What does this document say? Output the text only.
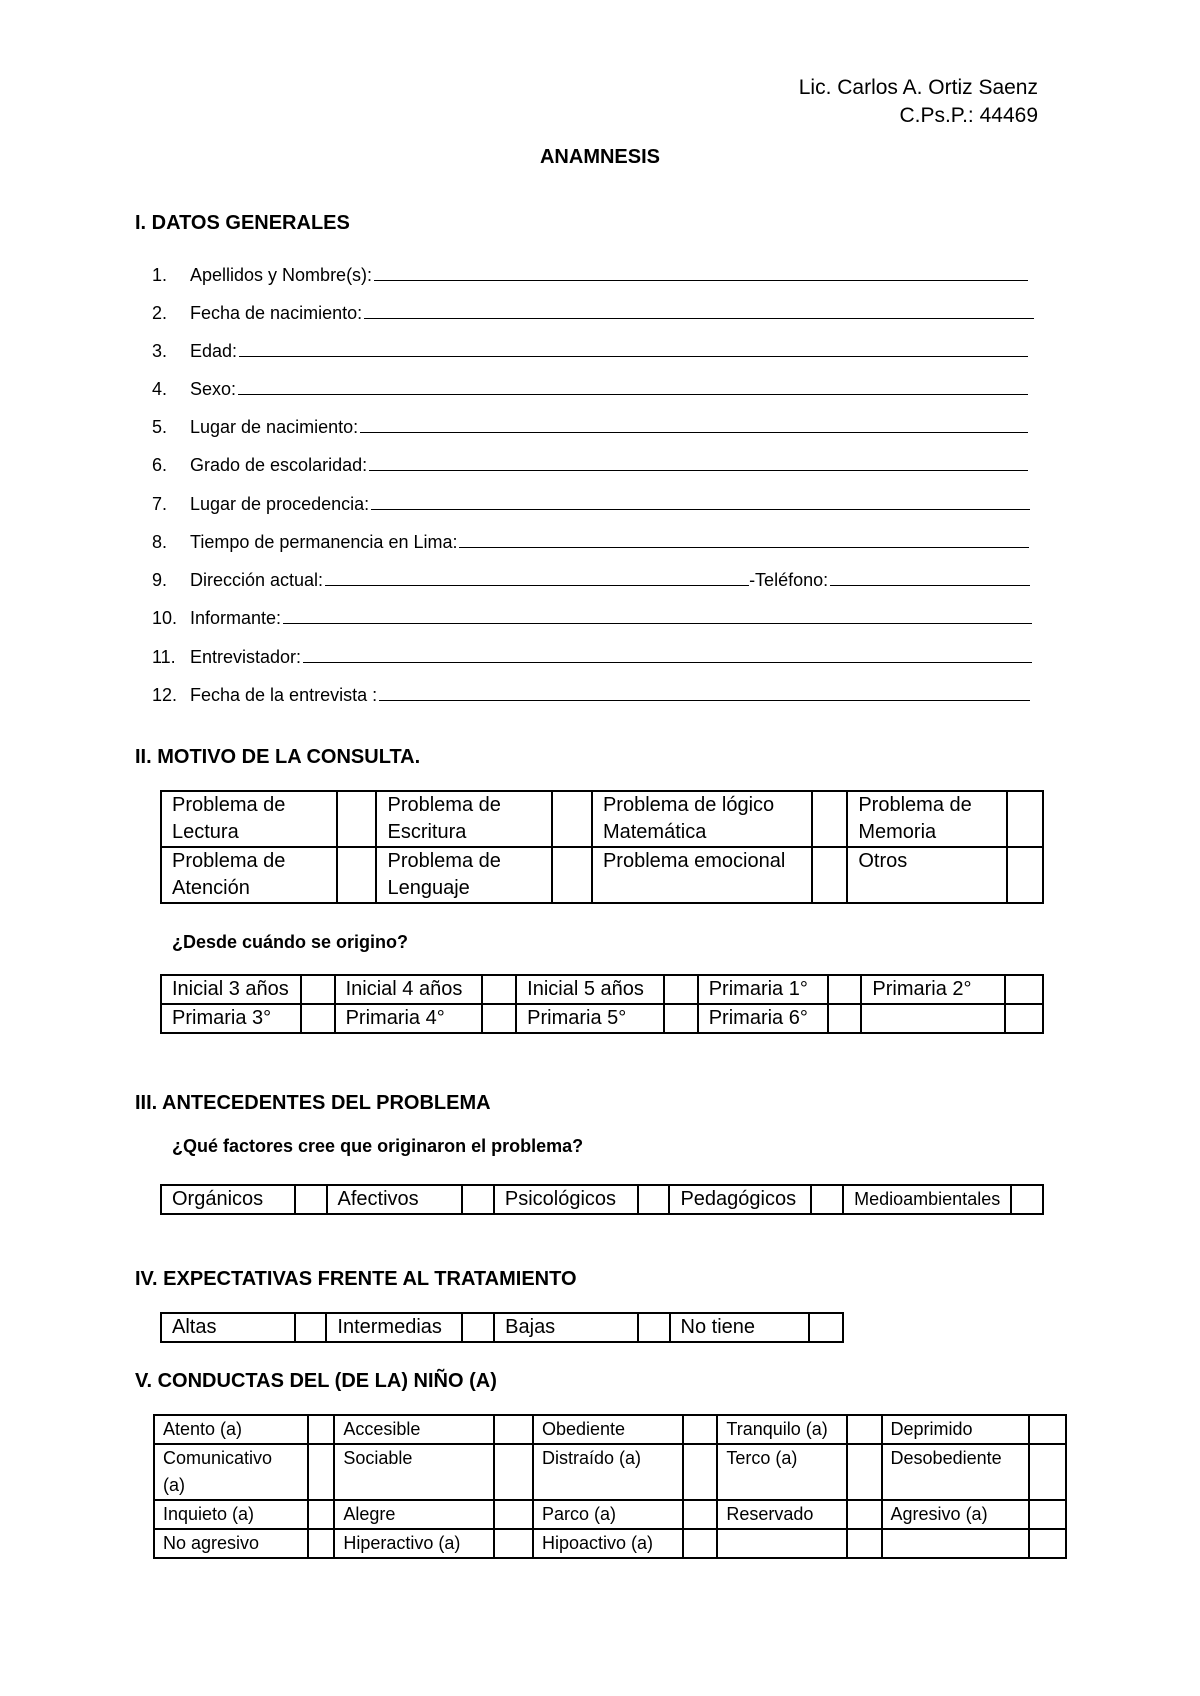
Lic. Carlos A. Ortiz Saenz
C.Ps.P.: 44469
ANAMNESIS
I. DATOS GENERALES
1.	Apellidos y Nombre(s):
2.	Fecha de nacimiento:
3.	Edad:
4.	Sexo:
5.	Lugar de nacimiento:
6.	Grado de escolaridad:
7.	Lugar de procedencia:
8.	Tiempo de permanencia en Lima:
9.	Dirección actual:	-Teléfono:
10. Informante:
11. Entrevistador:
12. Fecha de la entrevista :
II. MOTIVO DE LA CONSULTA.
Problema de Lectura		Problema de Escritura		Problema de lógico Matemática		Problema de Memoria	
Problema de Atención		Problema de Lenguaje		Problema emocional		Otros	
¿Desde cuándo se origino?
Inicial 3 años		Inicial 4 años		Inicial 5 años		Primaria 1°		Primaria 2°	
Primaria 3°		Primaria 4°		Primaria 5°		Primaria 6°			
III. ANTECEDENTES DEL PROBLEMA
¿Qué factores cree que originaron el problema?
Orgánicos		Afectivos		Psicológicos		Pedagógicos		Medioambientales	
IV. EXPECTATIVAS FRENTE AL TRATAMIENTO
Altas		Intermedias		Bajas		No tiene	
V. CONDUCTAS DEL (DE LA) NIÑO (A)
Atento (a)		Accesible		Obediente		Tranquilo (a)		Deprimido	
Comunicativo (a)		Sociable		Distraído (a)		Terco (a)		Desobediente	
Inquieto (a)		Alegre		Parco (a)		Reservado		Agresivo (a)	
No agresivo		Hiperactivo (a)		Hipoactivo (a)					
